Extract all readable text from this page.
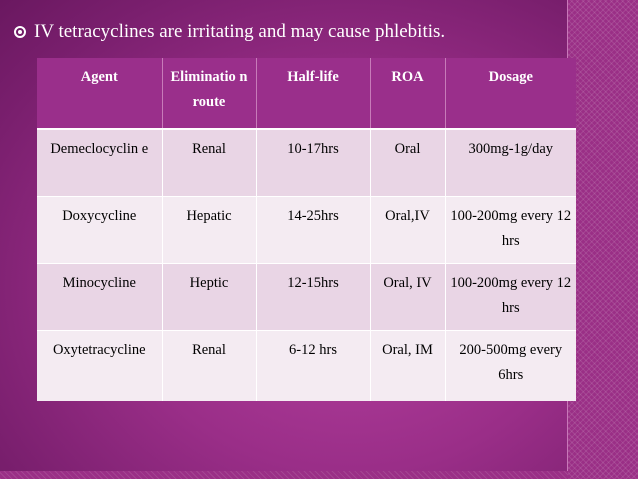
IV tetracyclines are irritating and may cause phlebitis.
Agent	Eliminatio n route	Half-life	ROA	Dosage
Demeclocyclin e	Renal	10-17hrs	Oral	300mg-1g/day
Doxycycline	Hepatic	14-25hrs	Oral,IV	100-200mg every 12 hrs
Minocycline	Heptic	12-15hrs	Oral, IV	100-200mg every 12 hrs
Oxytetracycline	Renal	6-12 hrs	Oral, IM	200-500mg every 6hrs
